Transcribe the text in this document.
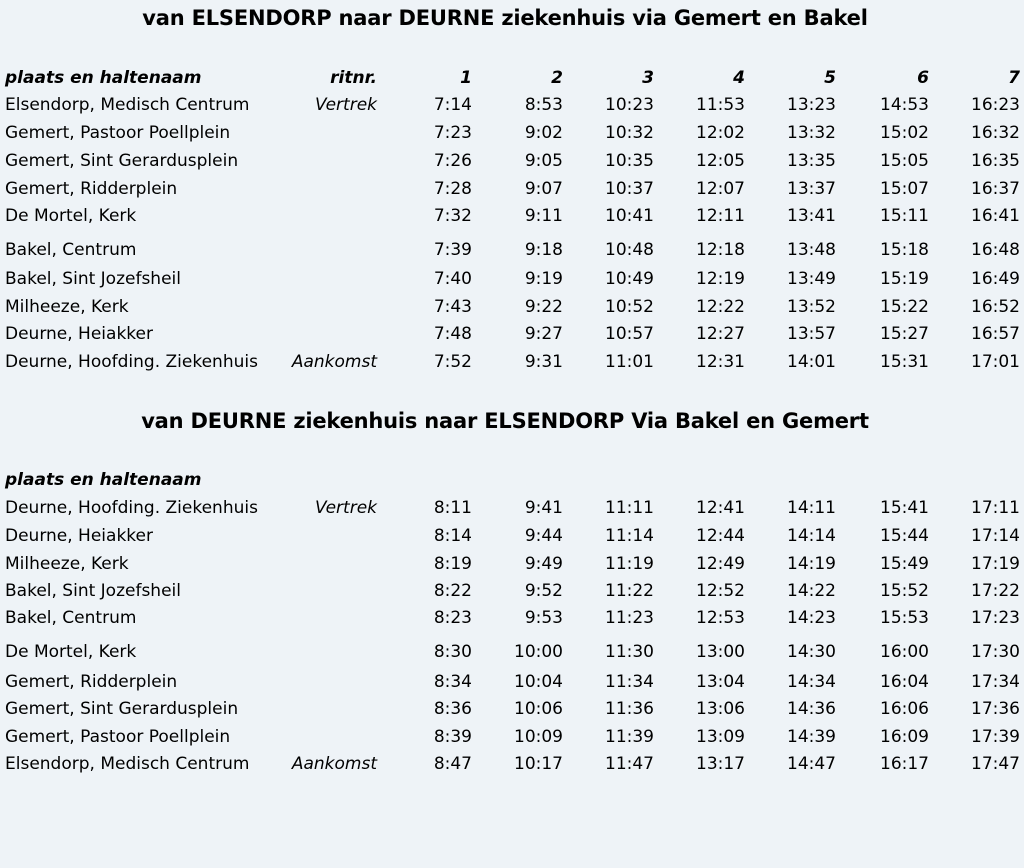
van ELSENDORP naar DEURNE ziekenhuis via Gemert en Bakel
plaats en haltenaam	ritnr.	1	2	3	4	5	6	7
Elsendorp, Medisch Centrum	Vertrek	7:14	8:53	10:23	11:53	13:23	14:53	16:23
Gemert, Pastoor Poellplein	7:23	9:02	10:32	12:02	13:32	15:02	16:32
Gemert, Sint Gerardusplein	7:26	9:05	10:35	12:05	13:35	15:05	16:35
Gemert, Ridderplein	7:28	9:07	10:37	12:07	13:37	15:07	16:37
De Mortel, Kerk	7:32	9:11	10:41	12:11	13:41	15:11	16:41
Bakel, Centrum	7:39	9:18	10:48	12:18	13:48	15:18	16:48
Bakel, Sint Jozefsheil	7:40	9:19	10:49	12:19	13:49	15:19	16:49
Milheeze, Kerk	7:43	9:22	10:52	12:22	13:52	15:22	16:52
Deurne, Heiakker	7:48	9:27	10:57	12:27	13:57	15:27	16:57
Deurne, Hoofding. Ziekenhuis Aankomst	7:52	9:31	11:01	12:31	14:01	15:31	17:01
van DEURNE ziekenhuis naar ELSENDORP Via Bakel en Gemert
plaats en haltenaam
Deurne, Hoofding. Ziekenhuis	Vertrek	8:11	9:41	11:11	12:41	14:11	15:41	17:11
Deurne, Heiakker	8:14	9:44	11:14	12:44	14:14	15:44	17:14
Milheeze, Kerk	8:19	9:49	11:19	12:49	14:19	15:49	17:19
Bakel, Sint Jozefsheil	8:22	9:52	11:22	12:52	14:22	15:52	17:22
Bakel, Centrum	8:23	9:53	11:23	12:53	14:23	15:53	17:23
De Mortel, Kerk	8:30	10:00	11:30	13:00	14:30	16:00	17:30
Gemert, Ridderplein	8:34	10:04	11:34	13:04	14:34	16:04	17:34
Gemert, Sint Gerardusplein	8:36	10:06	11:36	13:06	14:36	16:06	17:36
Gemert, Pastoor Poellplein	8:39	10:09	11:39	13:09	14:39	16:09	17:39
Elsendorp, Medisch Centrum Aankomst	8:47	10:17	11:47	13:17	14:47	16:17	17:47
